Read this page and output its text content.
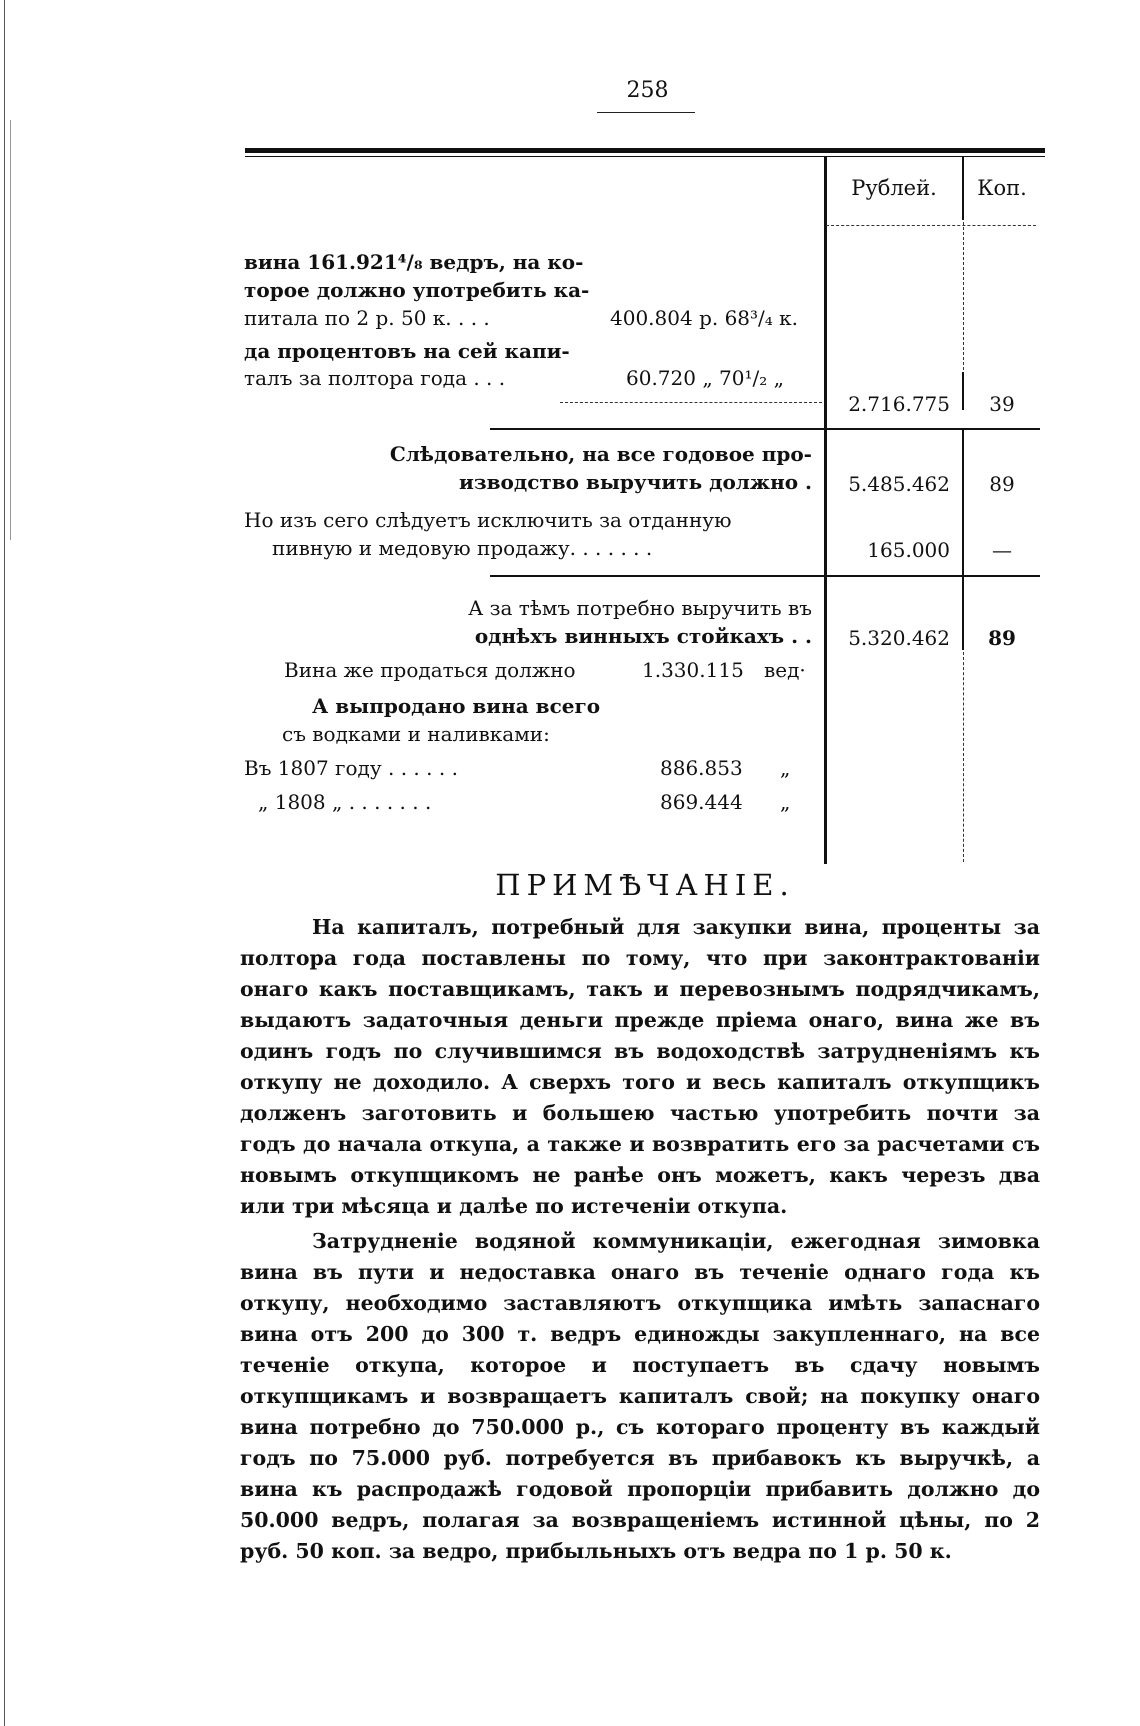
258
Рублей.	Коп.
вина 161.921⁴/₈ ведръ, на ко-
торое должно употребить ка-
питала по 2 р. 50 к. . . .	400.804 р. 68³/₄ к.
да процентовъ на сей капи-
талъ за полтора года . . .	60.720 „ 70¹/₂ „
2.716.775	39
Слѣдовательно, на все годовое про-
изводство выручить должно .	5.485.462	89
Но изъ сего слѣдуетъ исключить за отданную
пивную и медовую продажу. . . . . . .	165.000	—
А за тѣмъ потребно выручить въ
однѣхъ винныхъ стойкахъ . .	5.320.462	89
Вина же продаться должно	1.330.115 вед·
А выпродано вина всего
съ водками и наливками:
Въ 1807 году . . . . . .	886.853 „
„ 1808 „ . . . . . . .	869.444 „
ПРИМѢЧАНІЕ.

На капиталъ, потребный для закупки вина, проценты за полтора года поставлены по тому, что при законтрактованіи онаго какъ поставщикамъ, такъ и перевознымъ подрядчикамъ, выдаютъ задаточныя деньги прежде пріема онаго, вина же въ одинъ годъ по случившимся въ водоходствѣ затрудненіямъ къ откупу не доходило. А сверхъ того и весь капиталъ откупщикъ долженъ заготовить и большею частью употребить почти за годъ до начала откупа, а также и возвратить его за расчетами съ новымъ откупщикомъ не ранѣе онъ можетъ, какъ черезъ два или три мѣсяца и далѣе по истеченіи откупа.

Затрудненіе водяной коммуникаціи, ежегодная зимовка вина въ пути и недоставка онаго въ теченіе однаго года къ откупу, необходимо заставляютъ откупщика имѣть запаснаго вина отъ 200 до 300 т. ведръ единожды закупленнаго, на все теченіе откупа, которое и поступаетъ въ сдачу новымъ откупщикамъ и возвращаетъ капиталъ свой; на покупку онаго вина потребно до 750.000 р., съ котораго проценту въ каждый годъ по 75.000 руб. потребуется въ прибавокъ къ выручкѣ, а вина къ распродажѣ годовой пропорціи прибавить должно до 50.000 ведръ, полагая за возвращеніемъ истинной цѣны, по 2 руб. 50 коп. за ведро, прибыльныхъ отъ ведра по 1 р. 50 к.
